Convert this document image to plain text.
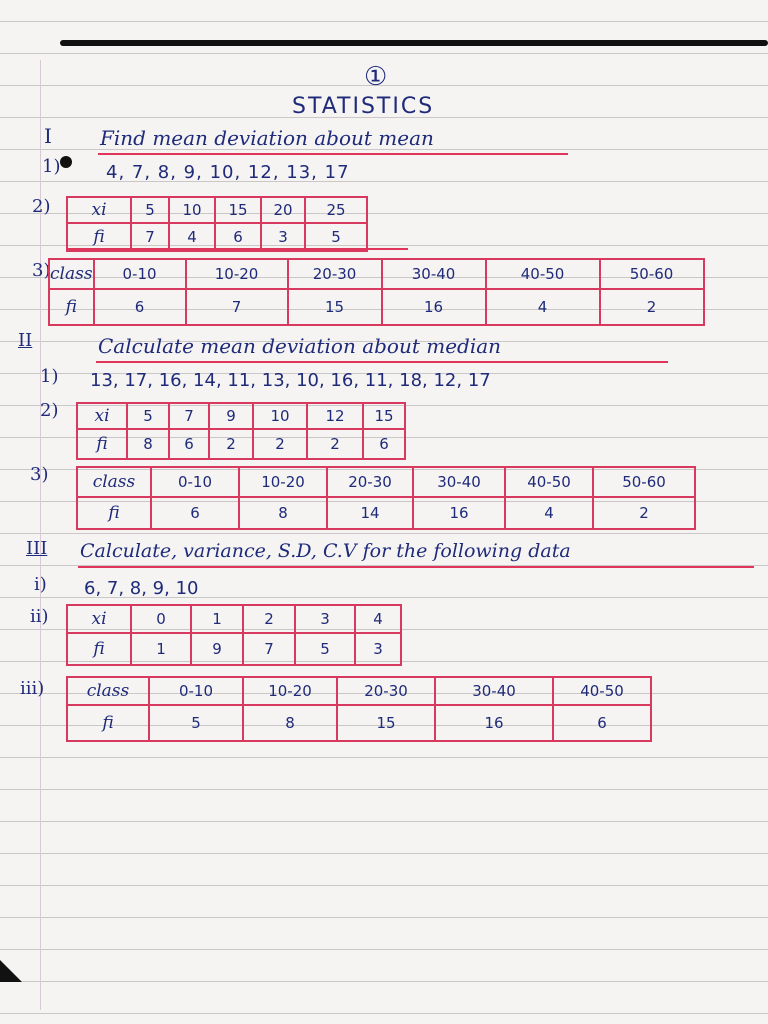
①
STATISTICS
I Find mean deviation about mean
1)	4, 7, 8, 9, 10, 12, 13, 17
2) xi	5	10	15	20	25
fi	7	4	6	3	5
3) class	0-10	10-20	20-30	30-40	40-50	50-60
fi	6	7	15	16	4	2
II	Calculate mean deviation about median
1) 13, 17, 16, 14, 11, 13, 10, 16, 11, 18, 12, 17
2) xi	5	7	9	10	12	15
fi	8	6	2	2	2	6
3)	class	0-10	10-20	20-30	30-40	40-50	50-60
fi	6	8	14	16	4	2
III Calculate, variance, S.D, C.V for the following data
i) 6, 7, 8, 9, 10
ii)	xi	0	1	2	3	4
fi	1	9	7	5	3
iii) class	0-10	10-20	20-30	30-40	40-50
fi	5	8	15	16	6
